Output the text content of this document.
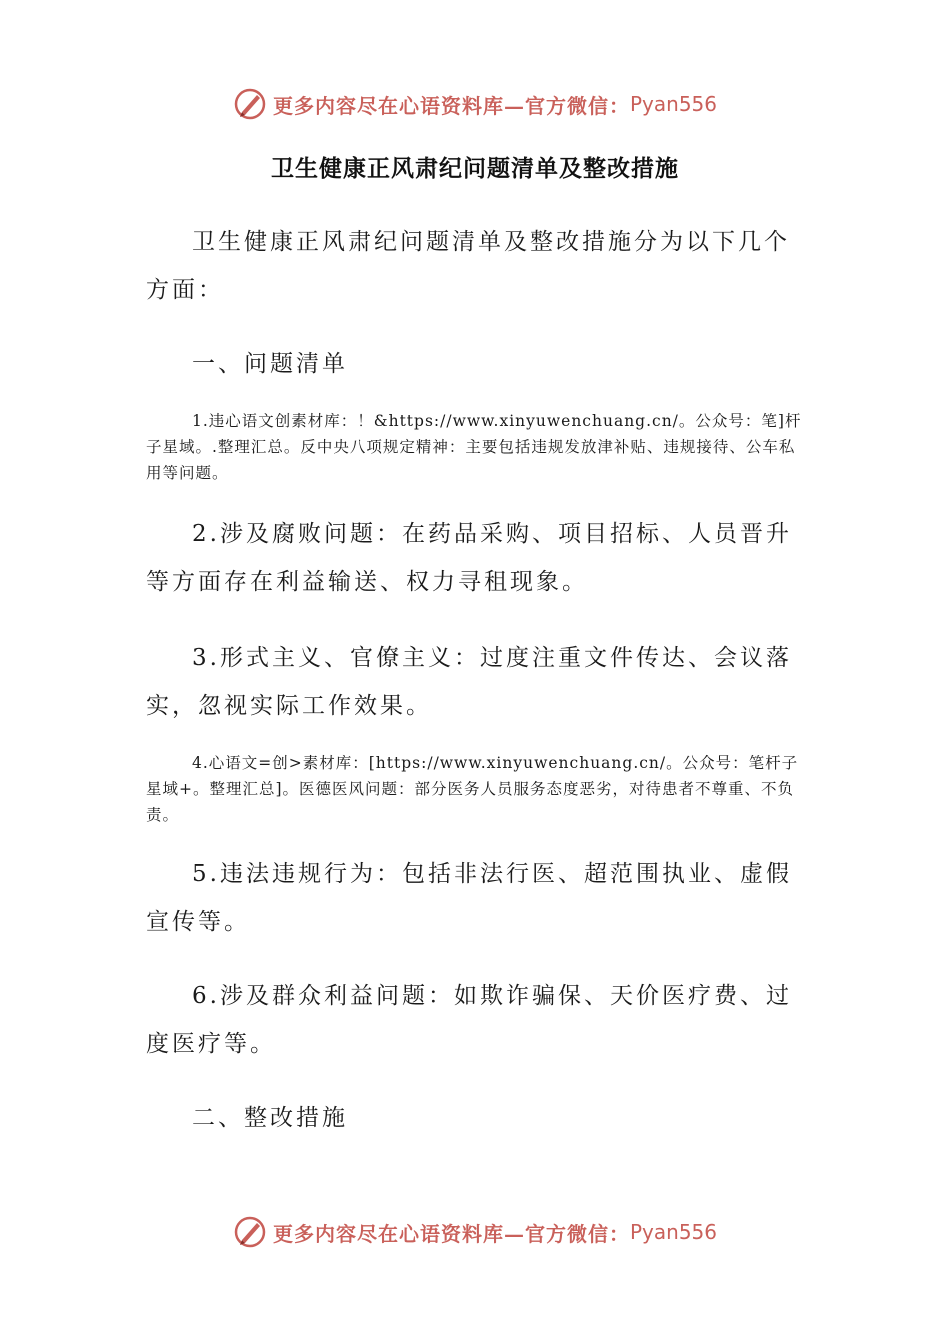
更多内容尽在心语资料库—官方微信： Pyan556
卫生健康正风肃纪问题清单及整改措施
卫生健康正风肃纪问题清单及整改措施分为以下几个方面：
一、问题清单
1.违心语文创素材库：！&https://www.xinyuwenchuang.cn/。公众号：笔]杆子星域。.整理汇总。反中央八项规定精神：主要包括违规发放津补贴、违规接待、公车私用等问题。
2.涉及腐败问题：在药品采购、项目招标、人员晋升等方面存在利益输送、权力寻租现象。
3.形式主义、官僚主义：过度注重文件传达、会议落实，忽视实际工作效果。
4.心语文=创>素材库：[https://www.xinyuwenchuang.cn/。公众号：笔杆子星域+。整理汇总]。医德医风问题：部分医务人员服务态度恶劣，对待患者不尊重、不负责。
5.违法违规行为：包括非法行医、超范围执业、虚假宣传等。
6.涉及群众利益问题：如欺诈骗保、天价医疗费、过度医疗等。
二、整改措施
更多内容尽在心语资料库—官方微信： Pyan556
